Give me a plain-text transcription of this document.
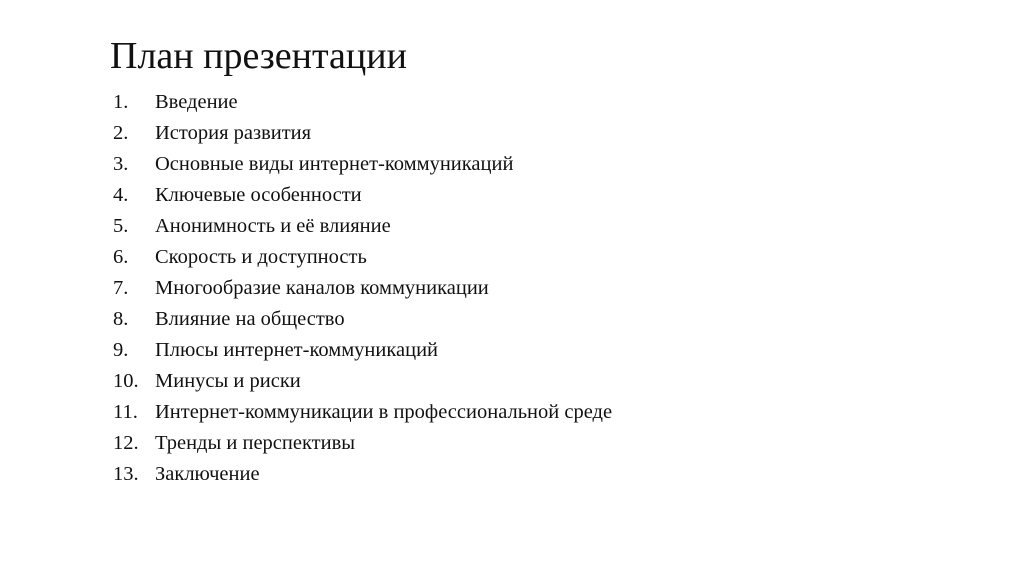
План презентации
1.	Введение
2.	История развития
3.	Основные виды интернет-коммуникаций
4.	Ключевые особенности
5.	Анонимность и её влияние
6.	Скорость и доступность
7.	Многообразие каналов коммуникации
8.	Влияние на общество
9.	Плюсы интернет-коммуникаций
10. Минусы и риски
11. Интернет-коммуникации в профессиональной среде
12. Тренды и перспективы
13. Заключение
